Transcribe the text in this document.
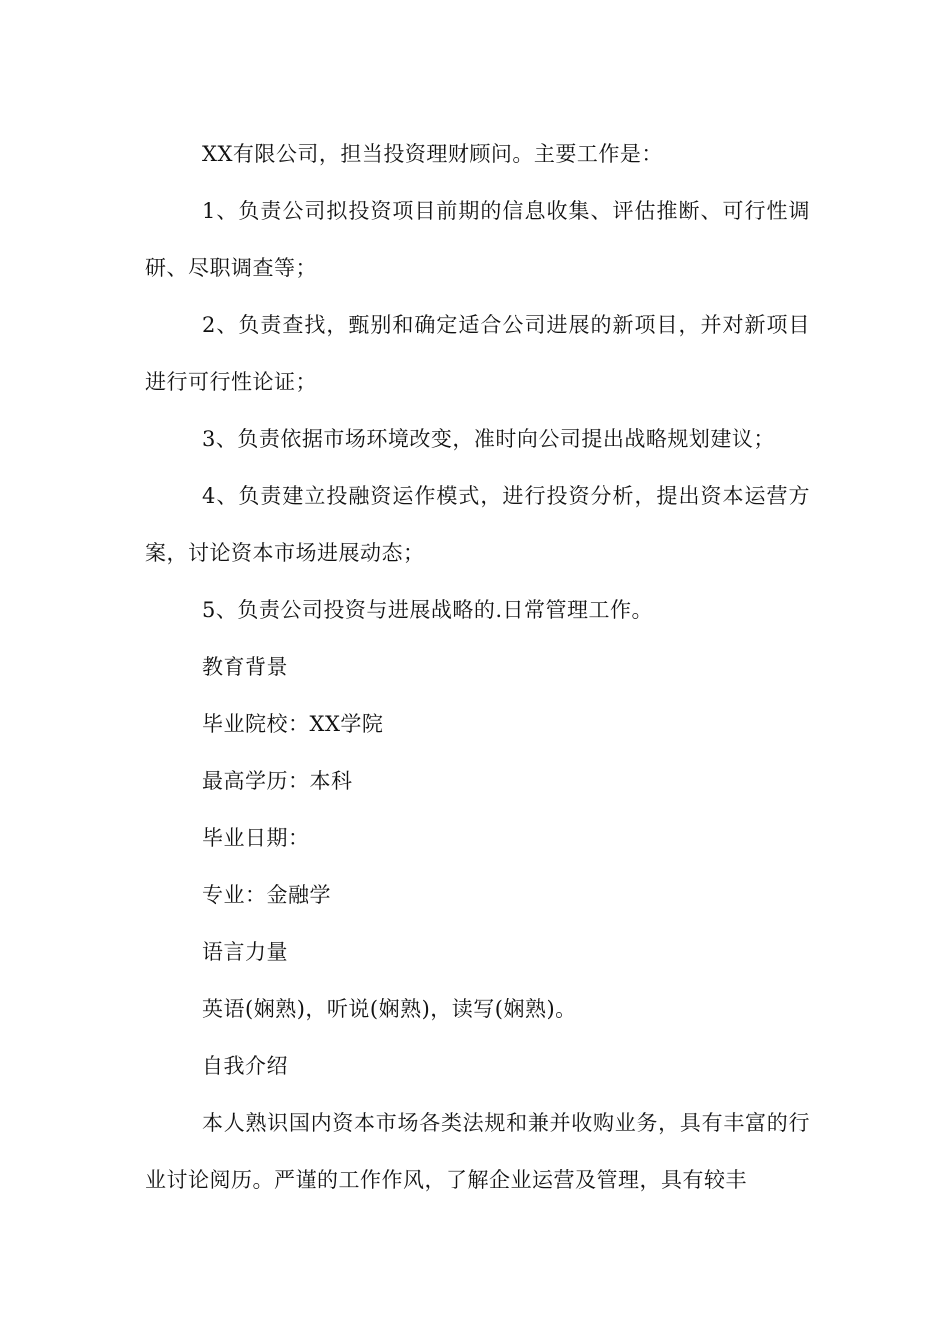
XX有限公司，担当投资理财顾问。主要工作是：

1、负责公司拟投资项目前期的信息收集、评估推断、可行性调研、尽职调查等；

2、负责查找，甄别和确定适合公司进展的新项目，并对新项目进行可行性论证；

3、负责依据市场环境改变，准时向公司提出战略规划建议；

4、负责建立投融资运作模式，进行投资分析，提出资本运营方案，讨论资本市场进展动态；

5、负责公司投资与进展战略的.日常管理工作。

教育背景

毕业院校：XX学院

最高学历：本科

毕业日期：

专业：金融学

语言力量

英语(娴熟)，听说(娴熟)，读写(娴熟)。

自我介绍

本人熟识国内资本市场各类法规和兼并收购业务，具有丰富的行业讨论阅历。严谨的工作作风，了解企业运营及管理，具有较丰
